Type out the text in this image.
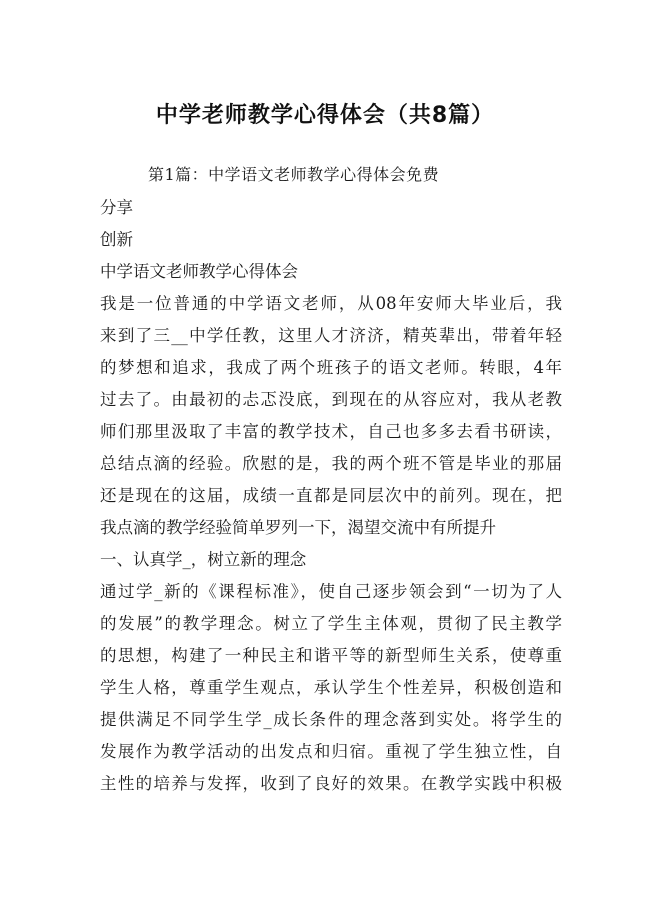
中学老师教学心得体会（共8篇）

第1篇：中学语文老师教学心得体会免费

分享
创新
中学语文老师教学心得体会
我是一位普通的中学语文老师，从08年安师大毕业后，我
来到了三__中学任教，这里人才济济，精英辈出，带着年轻
的梦想和追求，我成了两个班孩子的语文老师。转眼，4年
过去了。由最初的忐忑没底，到现在的从容应对，我从老教
师们那里汲取了丰富的教学技术，自己也多多去看书研读，
总结点滴的经验。欣慰的是，我的两个班不管是毕业的那届
还是现在的这届，成绩一直都是同层次中的前列。现在，把
我点滴的教学经验简单罗列一下，渴望交流中有所提升
一、认真学_，树立新的理念
通过学_新的《课程标准》，使自己逐步领会到“一切为了人
的发展”的教学理念。树立了学生主体观，贯彻了民主教学
的思想，构建了一种民主和谐平等的新型师生关系，使尊重
学生人格，尊重学生观点，承认学生个性差异，积极创造和
提供满足不同学生学_成长条件的理念落到实处。将学生的
发展作为教学活动的出发点和归宿。重视了学生独立性，自
主性的培养与发挥，收到了良好的效果。在教学实践中积极
